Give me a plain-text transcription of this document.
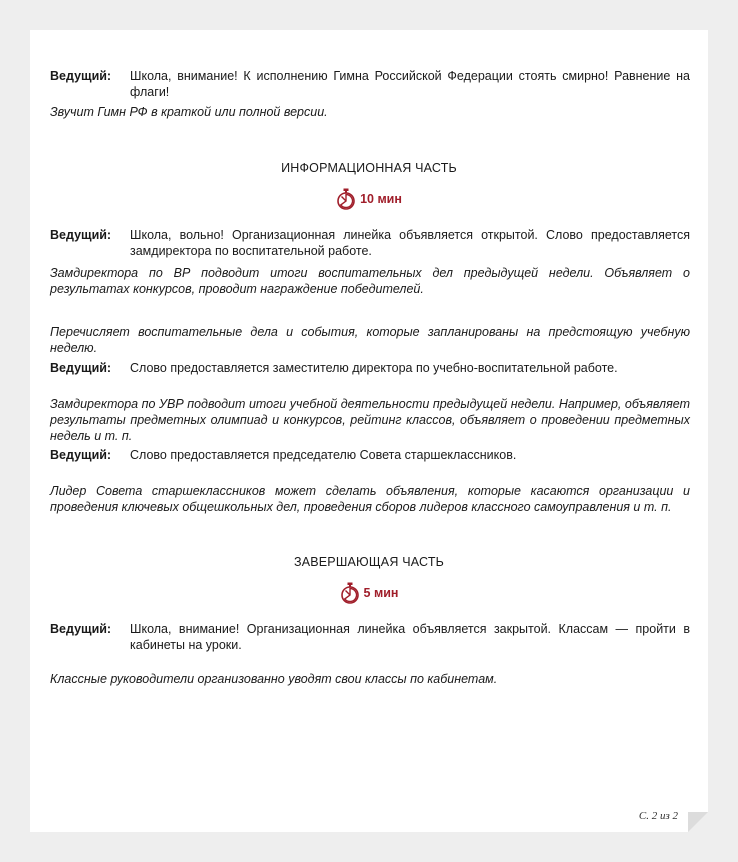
Ведущий: Школа, внимание! К исполнению Гимна Российской Федерации стоять смирно! Равнение на флаги!
Звучит Гимн РФ в краткой или полной версии.
ИНФОРМАЦИОННАЯ ЧАСТЬ
10 мин
Ведущий: Школа, вольно! Организационная линейка объявляется открытой. Слово предоставляется замдиректора по воспитательной работе.
Замдиректора по ВР подводит итоги воспитательных дел предыдущей недели. Объявляет о результатах конкурсов, проводит награждение победителей.
Перечисляет воспитательные дела и события, которые запланированы на предстоящую учебную неделю.
Ведущий: Слово предоставляется заместителю директора по учебно-воспитательной работе.
Замдиректора по УВР подводит итоги учебной деятельности предыдущей недели. Например, объявляет результаты предметных олимпиад и конкурсов, рейтинг классов, объявляет о проведении предметных недель и т. п.
Ведущий: Слово предоставляется председателю Совета старшеклассников.
Лидер Совета старшеклассников может сделать объявления, которые касаются организации и проведения ключевых общешкольных дел, проведения сборов лидеров классного самоуправления и т. п.
ЗАВЕРШАЮЩАЯ ЧАСТЬ
5 мин
Ведущий: Школа, внимание! Организационная линейка объявляется закрытой. Классам — пройти в кабинеты на уроки.
Классные руководители организованно уводят свои классы по кабинетам.
С. 2 из 2
